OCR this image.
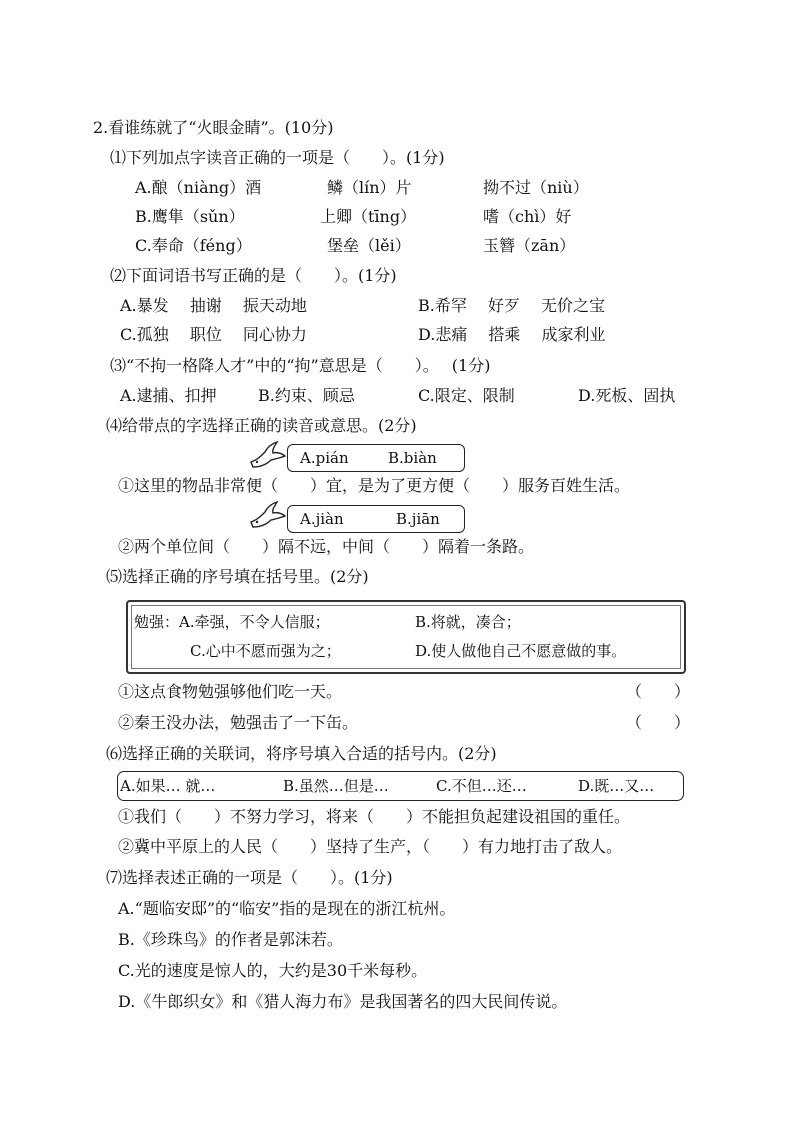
2.看谁练就了“火眼金睛”。(10分)
⑴下列加点字读音正确的一项是（　　）。(1分)
A.酿（niàng）酒	鳞（lín）片	拗不过（niù）
B.鹰隼（sǔn）	上卿（tīng）	嗜（chì）好
C.奉命（féng）	堡垒（lěi）	玉簪（zān）
⑵下面词语书写正确的是（　　）。(1分)
A.暴发　 抽谢　 振天动地	B.希罕　 好歹　 无价之宝
C.孤独　 职位　 同心协力	D.悲痛　 搭乘　 成家利业
⑶“不拘一格降人才”中的“拘”意思是（　　）。　 (1分)
A.逮捕、扣押	B.约束、顾忌	C.限定、限制	D.死板、固执
⑷给带点的字选择正确的读音或意思。(2分)
A.pián	B.biàn
①这里的物品非常便（　　）宜，是为了更方便（　　）服务百姓生活。
A.jiàn	B.jiān
②两个单位间（　　）隔不远，中间（　　）隔着一条路。
⑸选择正确的序号填在括号里。(2分)
勉强：A.牵强，不令人信服；	B.将就，凑合；
C.心中不愿而强为之；	D.使人做他自己不愿意做的事。
①这点食物勉强够他们吃一天。	（　　）
②秦王没办法，勉强击了一下缶。	（　　）
⑹选择正确的关联词，将序号填入合适的括号内。(2分)
A.如果… 就…	B.虽然…但是…	C.不但…还…	D.既…又…
①我们（　　）不努力学习，将来（　　）不能担负起建设祖国的重任。
②冀中平原上的人民（　　）坚持了生产，（　　）有力地打击了敌人。
⑺选择表述正确的一项是（　　）。(1分)
A.“题临安邸”的“临安”指的是现在的浙江杭州。
B.《珍珠鸟》的作者是郭沫若。
C.光的速度是惊人的，大约是30千米每秒。
D.《牛郎织女》和《猎人海力布》是我国著名的四大民间传说。
